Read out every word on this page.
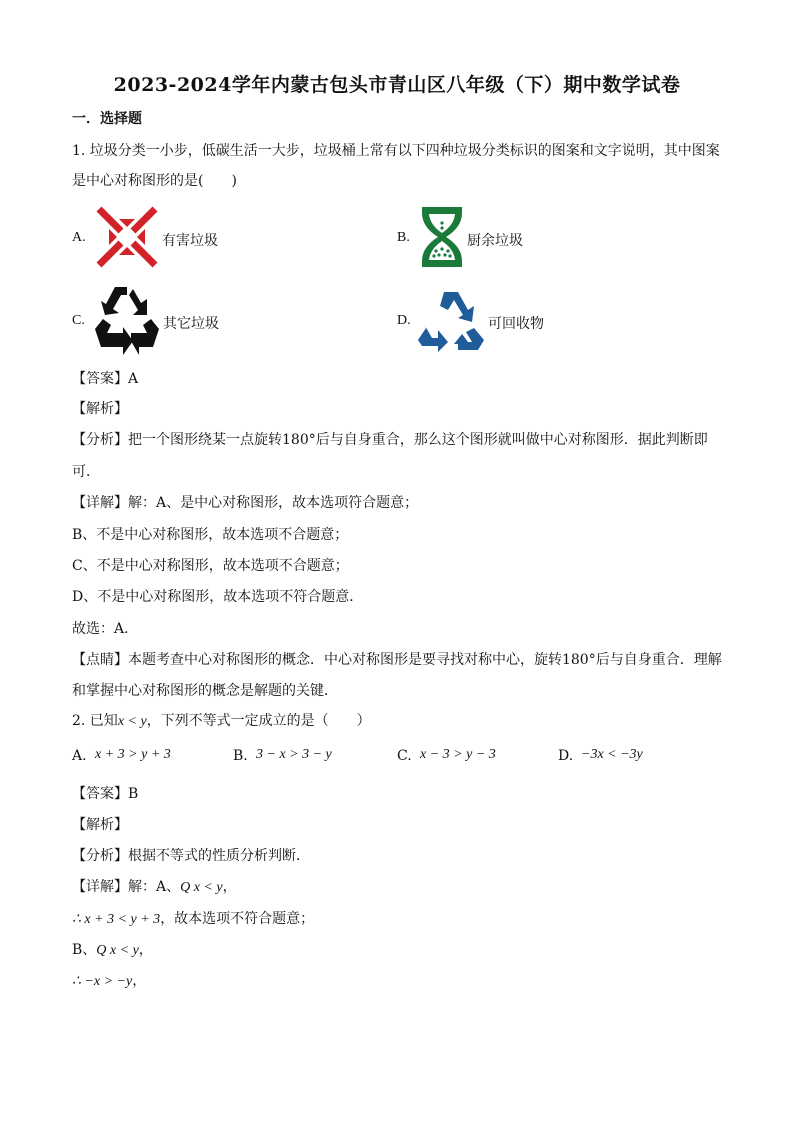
2023-2024学年内蒙古包头市青山区八年级（下）期中数学试卷
一．选择题
1. 垃圾分类一小步，低碳生活一大步，垃圾桶上常有以下四种垃圾分类标识的图案和文字说明，其中图案
是中心对称图形的是(　　)
A.	有害垃圾	B.	厨余垃圾
C.	其它垃圾	D.	可回收物
【答案】A
【解析】
【分析】把一个图形绕某一点旋转180°后与自身重合，那么这个图形就叫做中心对称图形．据此判断即
可．
【详解】解：A、是中心对称图形，故本选项符合题意；
B、不是中心对称图形，故本选项不合题意；
C、不是中心对称图形，故本选项不合题意；
D、不是中心对称图形，故本选项不符合题意．
故选：A．
【点睛】本题考查中心对称图形的概念．中心对称图形是要寻找对称中心，旋转180°后与自身重合．理解
和掌握中心对称图形的概念是解题的关键．
2. 已知x < y，下列不等式一定成立的是（　　）
A. x + 3 > y + 3	B. 3 − x > 3 − y	C. x − 3 > y − 3	D. −3x < −3y
【答案】B
【解析】
【分析】根据不等式的性质分析判断．
【详解】解：A、Q x < y，
∴ x + 3 < y + 3，故本选项不符合题意；
B、Q x < y，
∴ −x > −y，
